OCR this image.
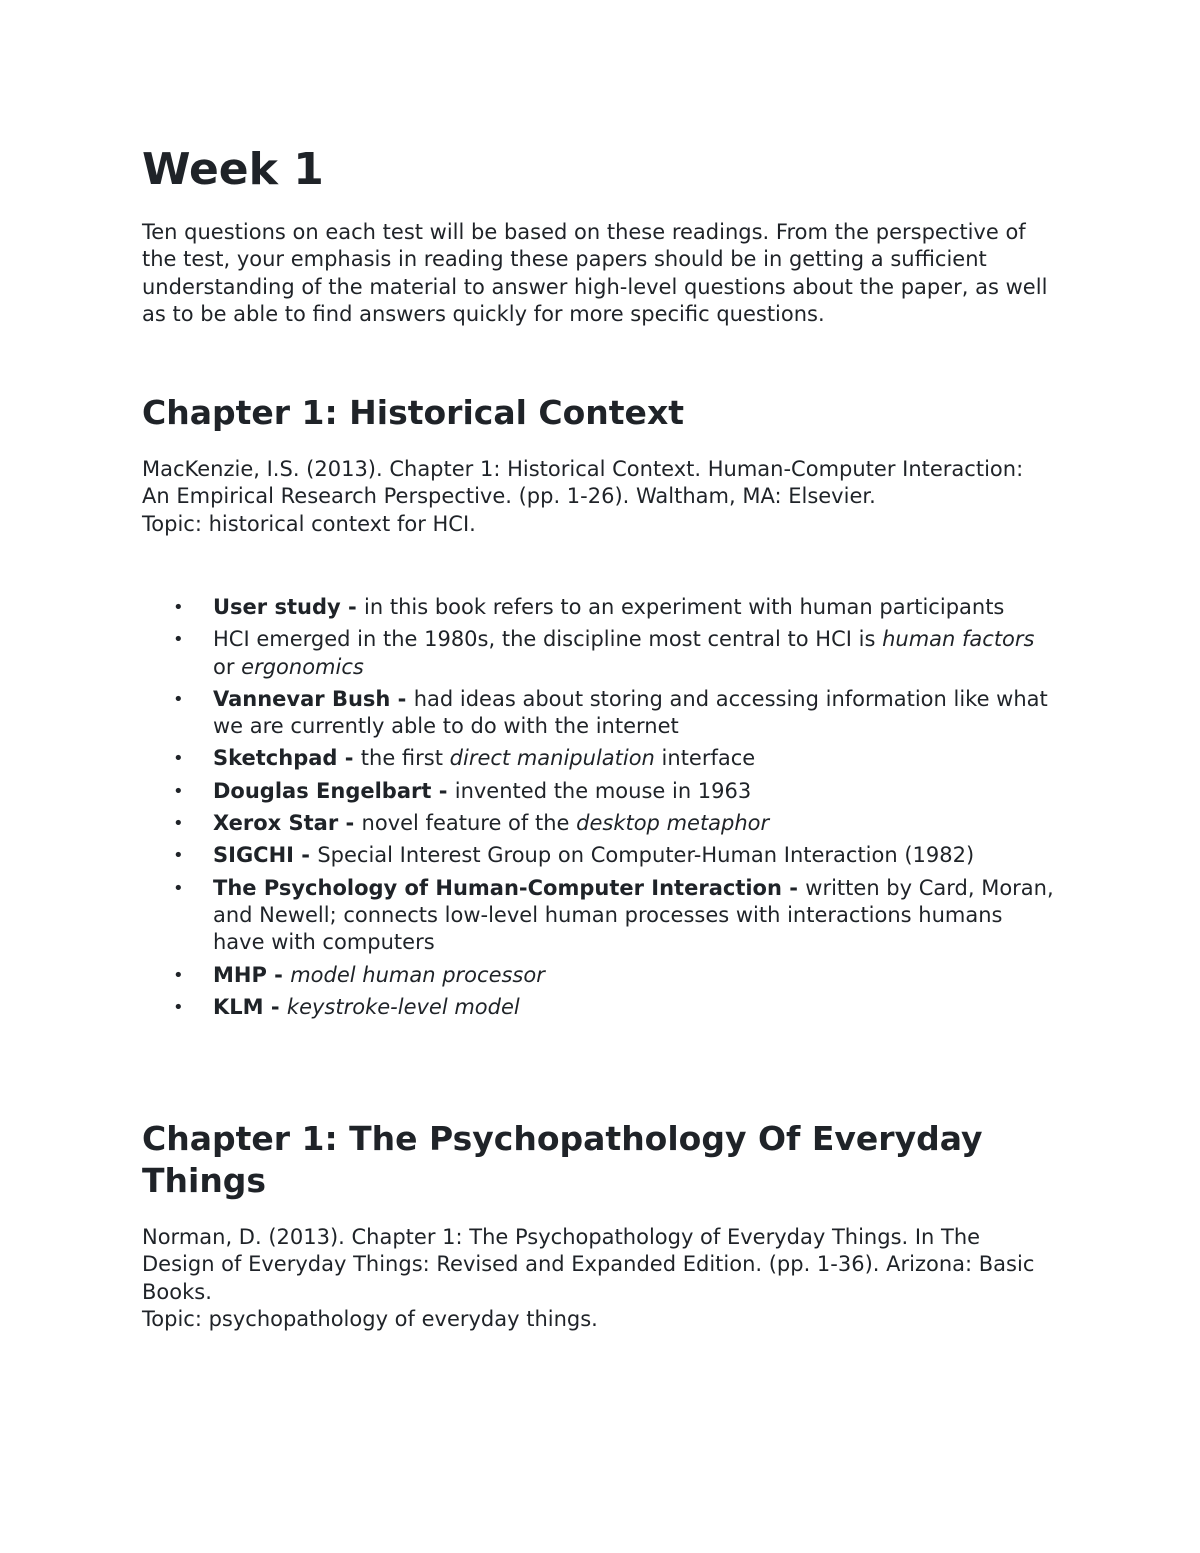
Week 1

Ten questions on each test will be based on these readings. From the perspective of the test, your emphasis in reading these papers should be in getting a sufficient understanding of the material to answer high-level questions about the paper, as well as to be able to find answers quickly for more specific questions.

Chapter 1: Historical Context

MacKenzie, I.S. (2013). Chapter 1: Historical Context. Human-Computer Interaction: An Empirical Research Perspective. (pp. 1-26). Waltham, MA: Elsevier.
Topic: historical context for HCI.

• User study - in this book refers to an experiment with human participants
• HCI emerged in the 1980s, the discipline most central to HCI is human factors or ergonomics
• Vannevar Bush - had ideas about storing and accessing information like what we are currently able to do with the internet
• Sketchpad - the first direct manipulation interface
• Douglas Engelbart - invented the mouse in 1963
• Xerox Star - novel feature of the desktop metaphor
• SIGCHI - Special Interest Group on Computer-Human Interaction (1982)
• The Psychology of Human-Computer Interaction - written by Card, Moran, and Newell; connects low-level human processes with interactions humans have with computers
• MHP - model human processor
• KLM - keystroke-level model
Chapter 1: The Psychopathology Of Everyday Things

Norman, D. (2013). Chapter 1: The Psychopathology of Everyday Things. In The Design of Everyday Things: Revised and Expanded Edition. (pp. 1-36). Arizona: Basic Books.
Topic: psychopathology of everyday things.
